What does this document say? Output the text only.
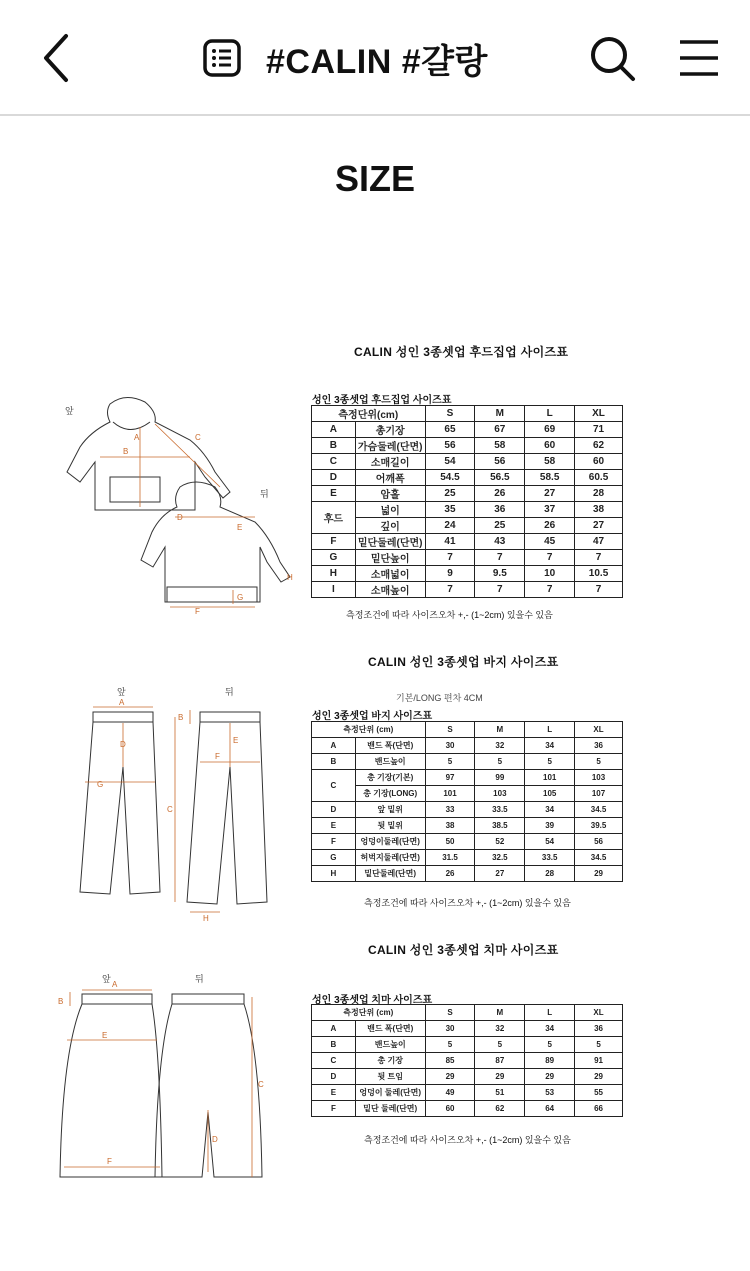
#CALIN #걀랑
SIZE
CALIN 성인 3종셋업 후드집업 사이즈표
성인 3종셋업 후드집업 사이즈표
앞
뒤
A
B
C
D
E
F
G
H
측정단위(cm)		S	M	L	XL
A	총기장	65	67	69	71
B	가슴둘레(단면)	56	58	60	62
C	소매길이	54	56	58	60
D	어깨폭	54.5	56.5	58.5	60.5
E	암홀	25	26	27	28
후드	넓이	35	36	37	38
	깊이	24	25	26	27
F	밑단둘레(단면)	41	43	45	47
G	밑단높이	7	7	7	7
H	소매넓이	9	9.5	10	10.5
I	소매높이	7	7	7	7
측정조건에 따라 사이즈오차 +,- (1~2cm) 있을수 있음
CALIN 성인 3종셋업 바지 사이즈표
기본/LONG 편차 4CM
성인 3종셋업 바지 사이즈표
앞	뒤
A
B
C
D	E
F
G
H
측정단위 (cm)		S	M	L	XL
A	밴드 폭(단면)	30	32	34	36
B	밴드높이	5	5	5	5
C	총 기장(기본)	97	99	101	103
	총 기장(LONG)	101	103	105	107
D	앞 밑위	33	33.5	34	34.5
E	뒷 밑위	38	38.5	39	39.5
F	엉덩이둘레(단면)	50	52	54	56
G	허벅지둘레(단면)	31.5	32.5	33.5	34.5
H	밑단둘레(단면)	26	27	28	29
측정조건에 따라 사이즈오차 +,- (1~2cm) 있을수 있음
CALIN 성인 3종셋업 치마 사이즈표
성인 3종셋업 치마 사이즈표
앞	뒤
A
B
C
D
E
F
측정단위 (cm)		S	M	L	XL
A	밴드 폭(단면)	30	32	34	36
B	밴드높이	5	5	5	5
C	총 기장	85	87	89	91
D	뒷 트임	29	29	29	29
E	엉덩이 둘레(단면)	49	51	53	55
F	밑단 둘레(단면)	60	62	64	66
측정조건에 따라 사이즈오차 +,- (1~2cm) 있을수 있음
